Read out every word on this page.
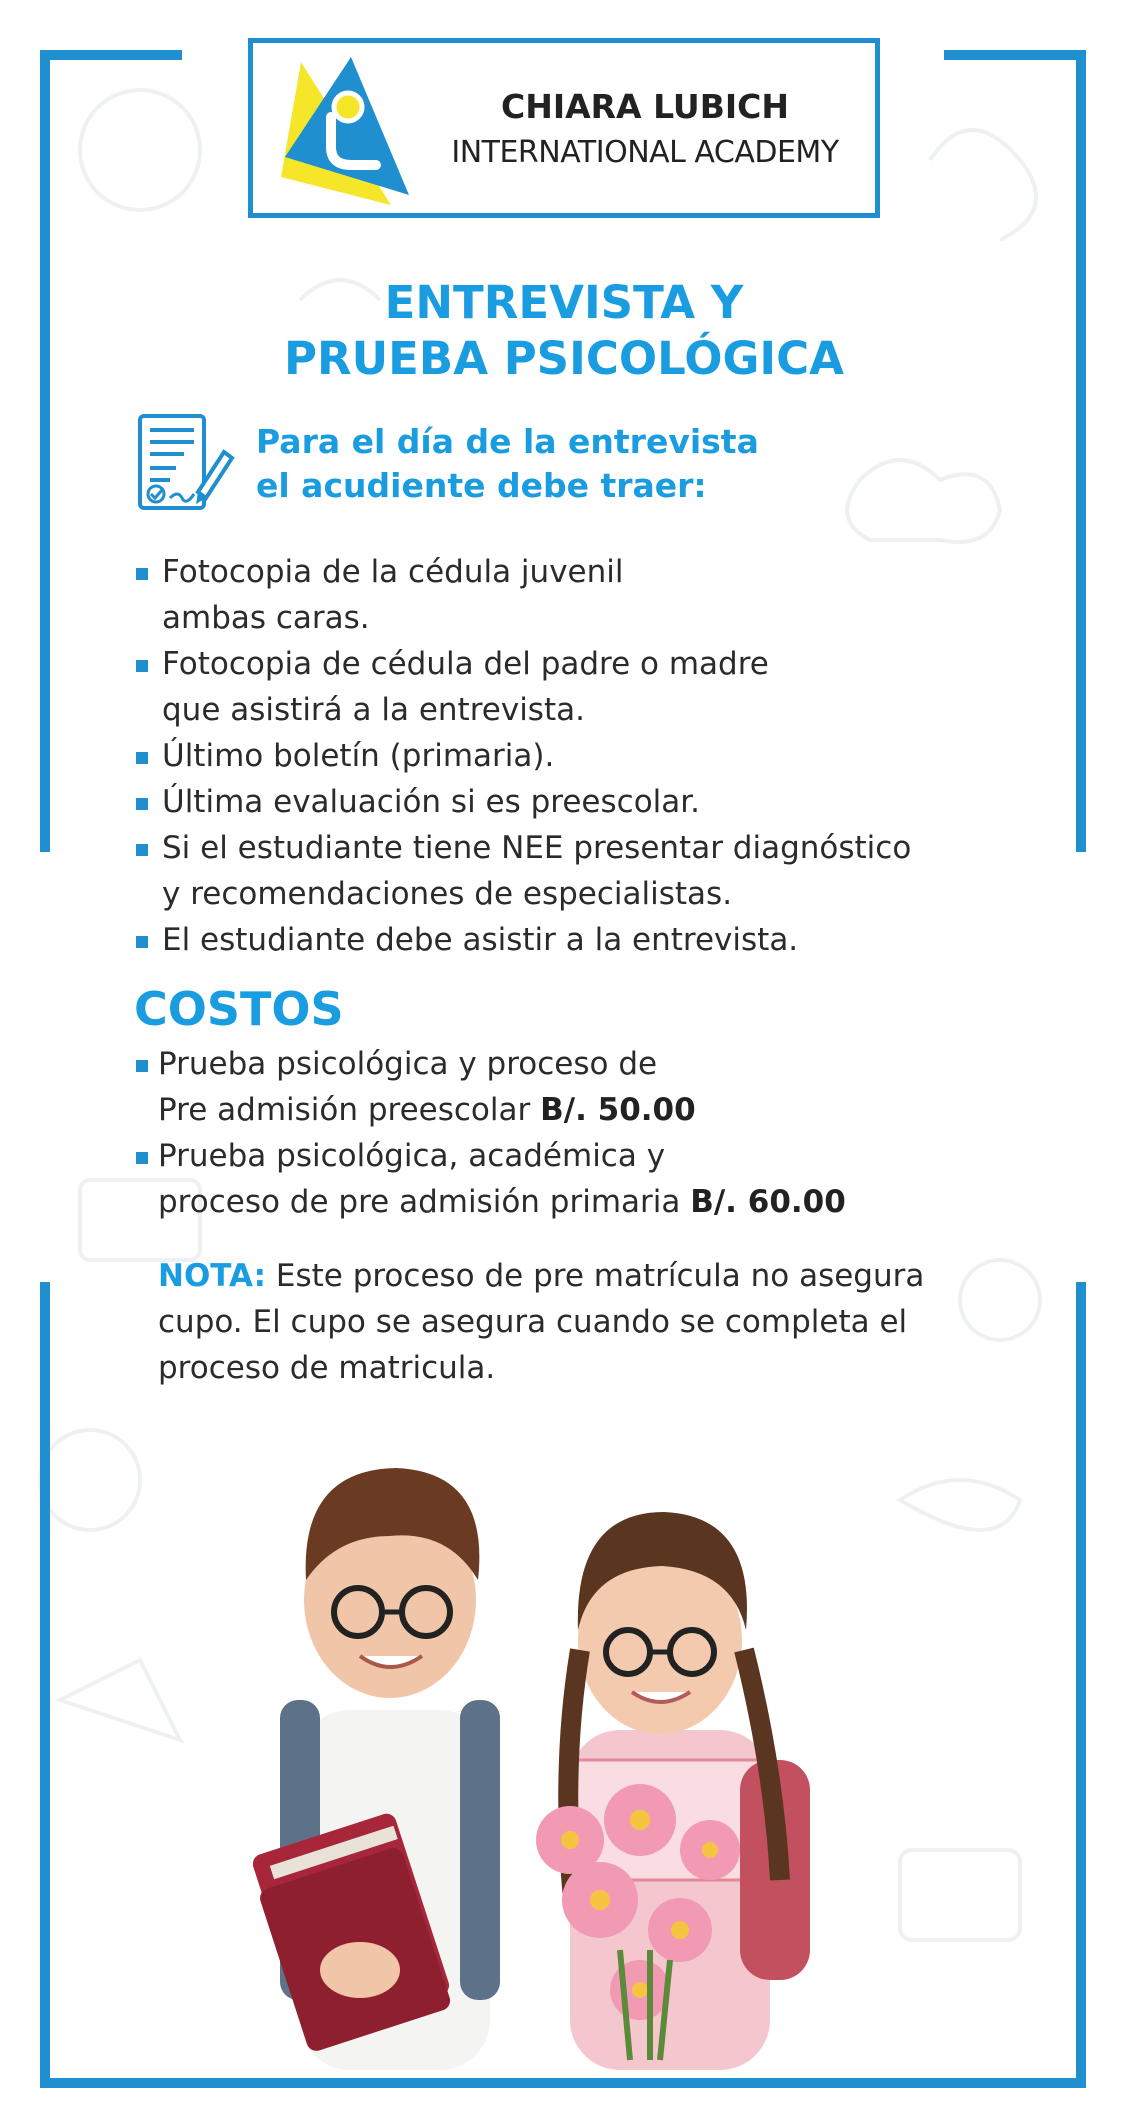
CHIARA LUBICH
INTERNATIONAL ACADEMY
ENTREVISTA Y
PRUEBA PSICOLÓGICA
Para el día de la entrevista
el acudiente debe traer:
Fotocopia de la cédula juvenil
ambas caras.
Fotocopia de cédula del padre o madre
que asistirá a la entrevista.
Último boletín (primaria).
Última evaluación si es preescolar.
Si el estudiante tiene NEE presentar diagnóstico
y recomendaciones de especialistas.
El estudiante debe asistir a la entrevista.
COSTOS
Prueba psicológica y proceso de
Pre admisión preescolar B/. 50.00
Prueba psicológica, académica y
proceso de pre admisión primaria B/. 60.00
NOTA: Este proceso de pre matrícula no asegura
cupo. El cupo se asegura cuando se completa el
proceso de matricula.
